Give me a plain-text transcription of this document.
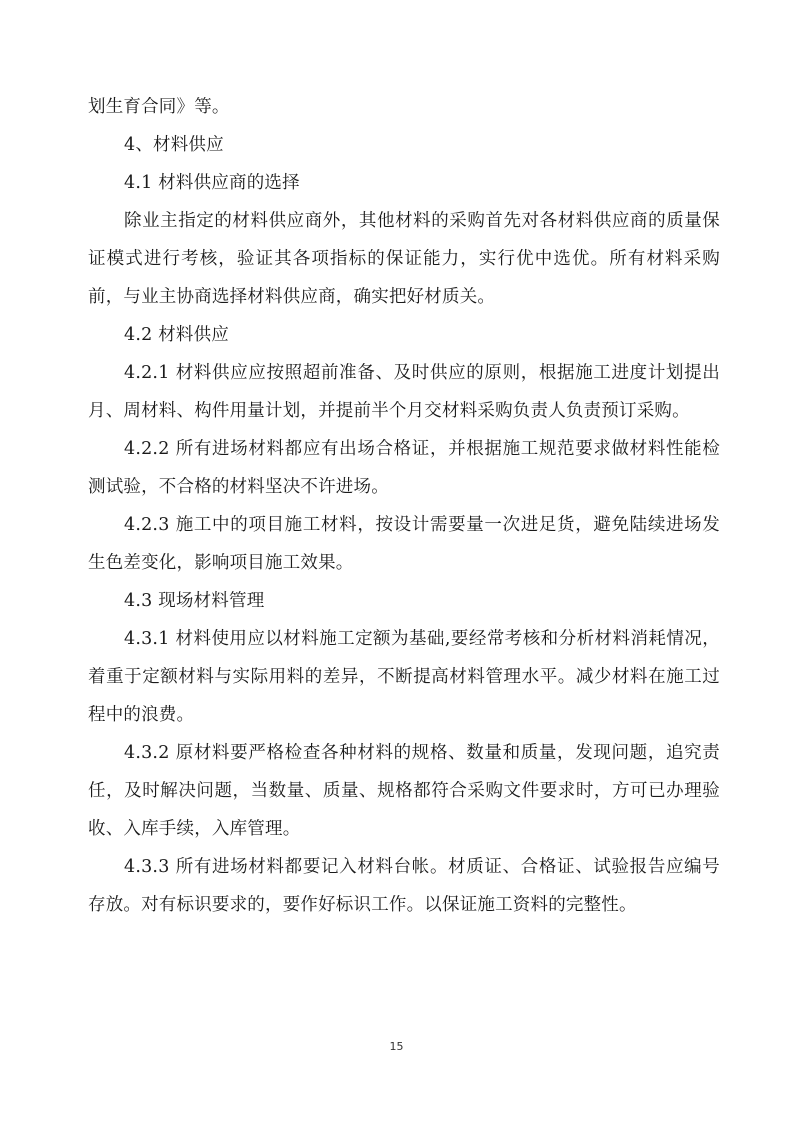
划生育合同》等。

4、材料供应

4.1 材料供应商的选择

除业主指定的材料供应商外，其他材料的采购首先对各材料供应商的质量保证模式进行考核，验证其各项指标的保证能力，实行优中选优。所有材料采购前，与业主协商选择材料供应商，确实把好材质关。

4.2 材料供应

4.2.1 材料供应应按照超前准备、及时供应的原则，根据施工进度计划提出月、周材料、构件用量计划，并提前半个月交材料采购负责人负责预订采购。

4.2.2 所有进场材料都应有出场合格证，并根据施工规范要求做材料性能检测试验，不合格的材料坚决不许进场。

4.2.3 施工中的项目施工材料，按设计需要量一次进足货，避免陆续进场发生色差变化，影响项目施工效果。

4.3 现场材料管理

4.3.1 材料使用应以材料施工定额为基础,要经常考核和分析材料消耗情况，着重于定额材料与实际用料的差异，不断提高材料管理水平。减少材料在施工过程中的浪费。

4.3.2 原材料要严格检查各种材料的规格、数量和质量，发现问题，追究责任，及时解决问题，当数量、质量、规格都符合采购文件要求时，方可已办理验收、入库手续，入库管理。

4.3.3 所有进场材料都要记入材料台帐。材质证、合格证、试验报告应编号存放。对有标识要求的，要作好标识工作。以保证施工资料的完整性。

15
